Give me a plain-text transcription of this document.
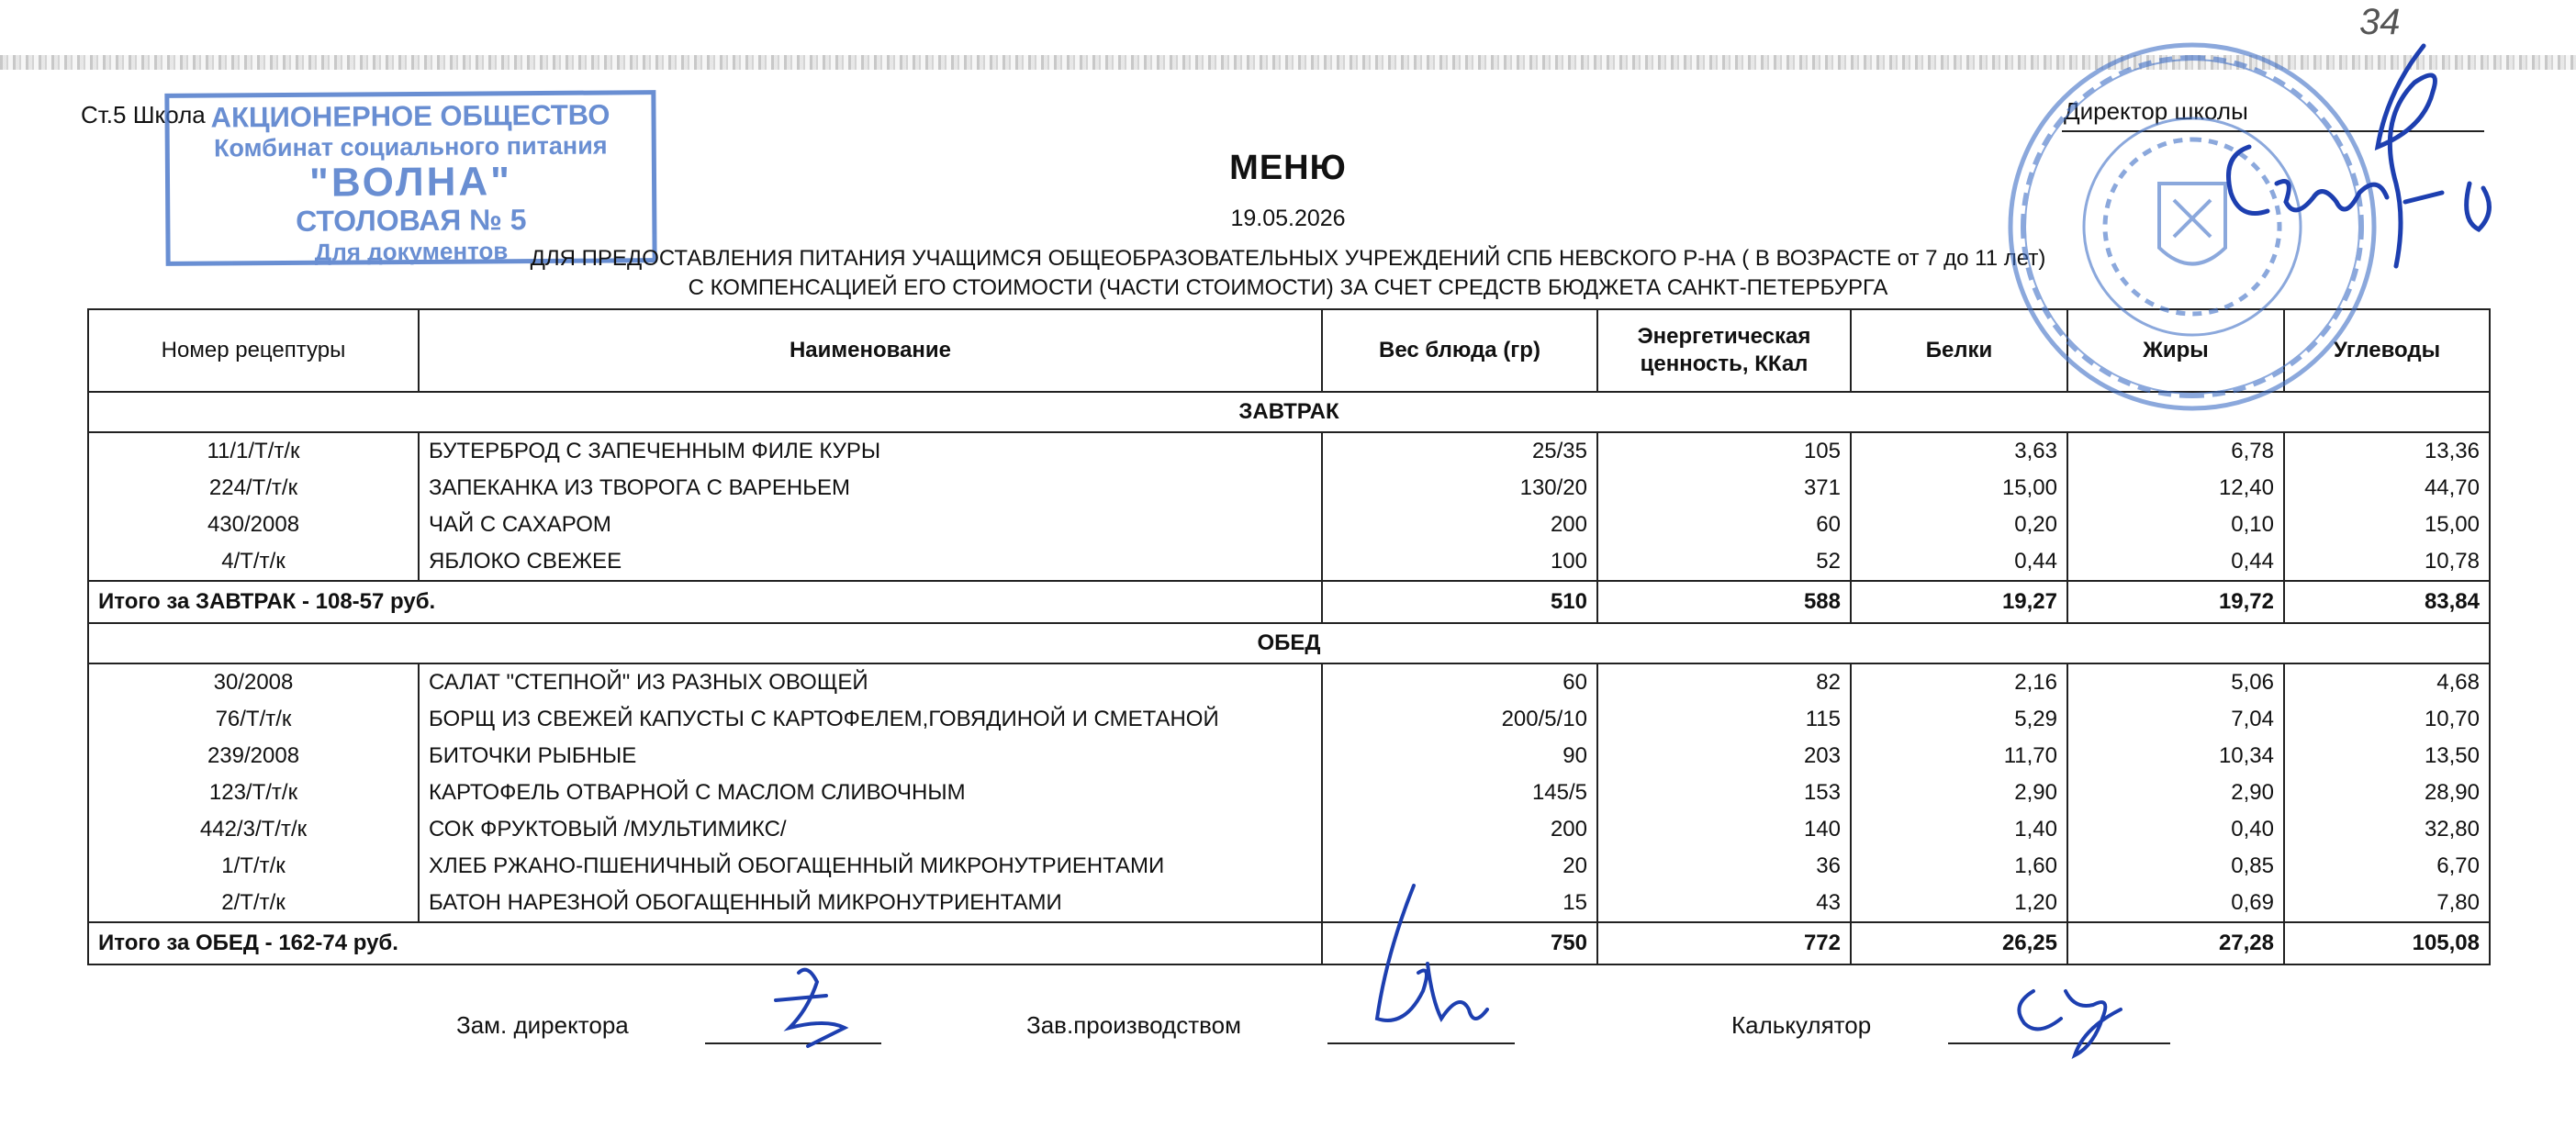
Ст.5 Школа	Директор школы
34
АКЦИОНЕРНОЕ ОБЩЕСТВО
Комбинат социального питания
"ВОЛНА"
СТОЛОВАЯ № 5
Для документов
МЕНЮ
19.05.2026
ДЛЯ ПРЕДОСТАВЛЕНИЯ ПИТАНИЯ УЧАЩИМСЯ ОБЩЕОБРАЗОВАТЕЛЬНЫХ УЧРЕЖДЕНИЙ СПБ НЕВСКОГО Р-НА ( В ВОЗРАСТЕ от 7 до 11 лет)
С КОМПЕНСАЦИЕЙ ЕГО СТОИМОСТИ (ЧАСТИ СТОИМОСТИ) ЗА СЧЕТ СРЕДСТВ БЮДЖЕТА САНКТ-ПЕТЕРБУРГА
Номер рецептуры	Наименование	Вес блюда (гр)	Энергетическая ценность, ККал	Белки	Жиры	Углеводы
ЗАВТРАК						
11/1/Т/т/к	БУТЕРБРОД С ЗАПЕЧЕННЫМ ФИЛЕ КУРЫ	25/35	105	3,63	6,78	13,36
224/Т/т/к	ЗАПЕКАНКА ИЗ ТВОРОГА С ВАРЕНЬЕМ	130/20	371	15,00	12,40	44,70
430/2008	ЧАЙ С САХАРОМ	200	60	0,20	0,10	15,00
4/Т/т/к	ЯБЛОКО СВЕЖЕЕ	100	52	0,44	0,44	10,78
Итого за ЗАВТРАК - 108-57 руб.		510	588	19,27	19,72	83,84
ОБЕД						
30/2008	САЛАТ "СТЕПНОЙ" ИЗ РАЗНЫХ ОВОЩЕЙ	60	82	2,16	5,06	4,68
76/Т/т/к	БОРЩ ИЗ СВЕЖЕЙ КАПУСТЫ С КАРТОФЕЛЕМ,ГОВЯДИНОЙ И СМЕТАНОЙ	200/5/10	115	5,29	7,04	10,70
239/2008	БИТОЧКИ РЫБНЫЕ	90	203	11,70	10,34	13,50
123/Т/т/к	КАРТОФЕЛЬ ОТВАРНОЙ С МАСЛОМ СЛИВОЧНЫМ	145/5	153	2,90	2,90	28,90
442/3/Т/т/к	СОК ФРУКТОВЫЙ /МУЛЬТИМИКС/	200	140	1,40	0,40	32,80
1/Т/т/к	ХЛЕБ РЖАНО-ПШЕНИЧНЫЙ ОБОГАЩЕННЫЙ МИКРОНУТРИЕНТАМИ	20	36	1,60	0,85	6,70
2/Т/т/к	БАТОН НАРЕЗНОЙ ОБОГАЩЕННЫЙ МИКРОНУТРИЕНТАМИ	15	43	1,20	0,69	7,80
Итого за ОБЕД - 162-74 руб.		750	772	26,25	27,28	105,08
Зам. директора	Зав.производством	Калькулятор
